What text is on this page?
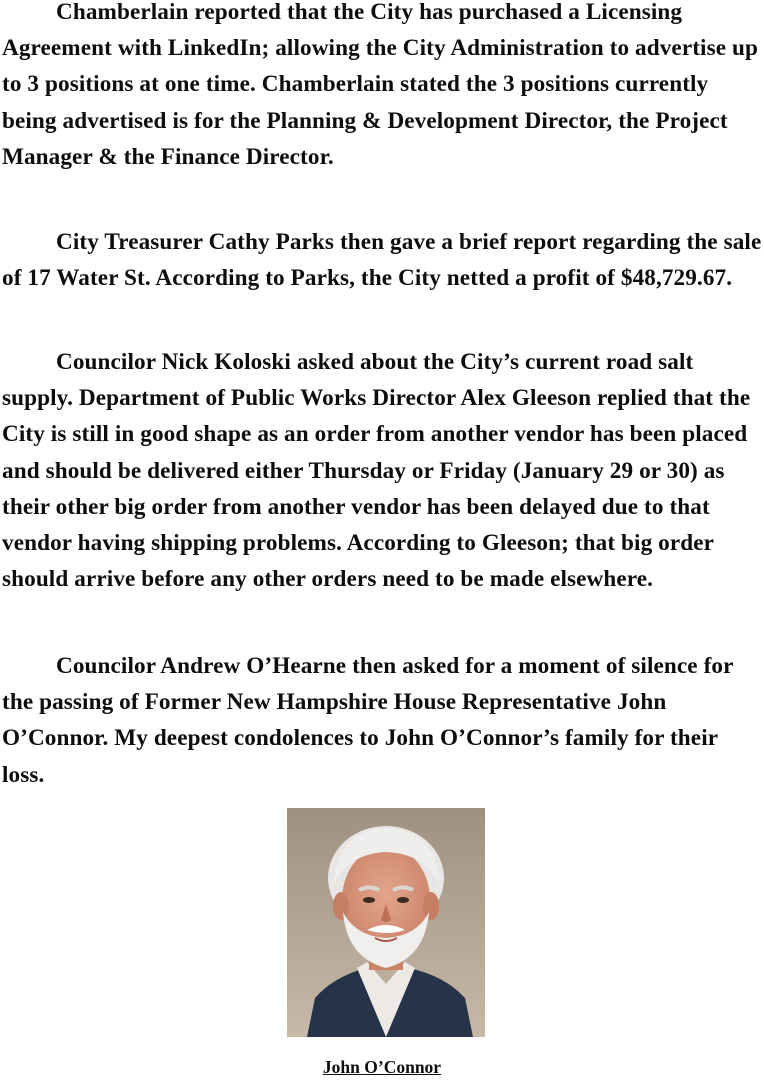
Chamberlain reported that the City has purchased a Licensing Agreement with LinkedIn; allowing the City Administration to advertise up to 3 positions at one time. Chamberlain stated the 3 positions currently being advertised is for the Planning & Development Director, the Project Manager & the Finance Director.

City Treasurer Cathy Parks then gave a brief report regarding the sale of 17 Water St. According to Parks, the City netted a profit of $48,729.67.

Councilor Nick Koloski asked about the City’s current road salt supply. Department of Public Works Director Alex Gleeson replied that the City is still in good shape as an order from another vendor has been placed and should be delivered either Thursday or Friday (January 29 or 30) as their other big order from another vendor has been delayed due to that vendor having shipping problems. According to Gleeson; that big order should arrive before any other orders need to be made elsewhere.

Councilor Andrew O’Hearne then asked for a moment of silence for the passing of Former New Hampshire House Representative John O’Connor. My deepest condolences to John O’Connor’s family for their loss.

John O’Connor
